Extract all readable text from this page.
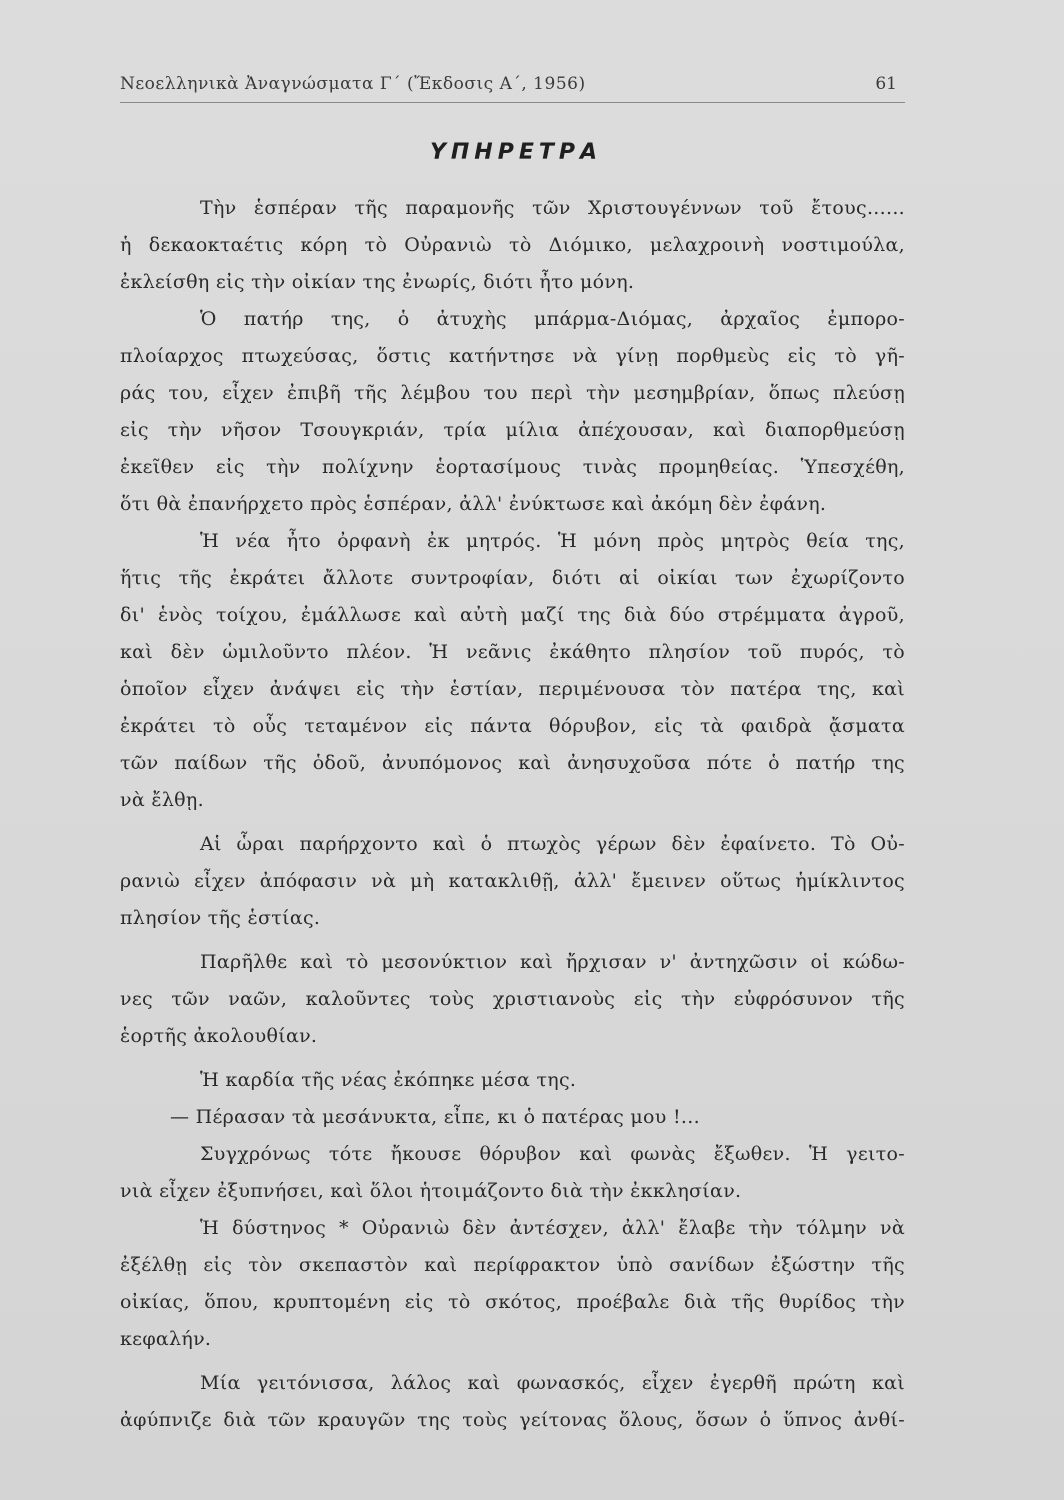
Νεοελληνικὰ Ἀναγνώσματα Γ΄ (Ἔκδοσις Α΄, 1956)	61
ΥΠΗΡΕΤΡΑ
Τὴν ἑσπέραν τῆς παραμονῆς τῶν Χριστουγέννων τοῦ ἔτους......
ἡ δεκαοκταέτις κόρη τὸ Οὐρανιὼ τὸ Διόμικο, μελαχροινὴ νοστιμούλα,
ἐκλείσθη εἰς τὴν οἰκίαν της ἐνωρίς, διότι ἦτο μόνη.
Ὁ πατήρ της, ὁ ἀτυχὴς μπάρμα-Διόμας, ἀρχαῖος ἐμπορο-
πλοίαρχος πτωχεύσας, ὅστις κατήντησε νὰ γίνῃ πορθμεὺς εἰς τὸ γῆ-
ράς του, εἶχεν ἐπιβῆ τῆς λέμβου του περὶ τὴν μεσημβρίαν, ὅπως πλεύσῃ
εἰς τὴν νῆσον Τσουγκριάν, τρία μίλια ἀπέχουσαν, καὶ διαπορθμεύσῃ
ἐκεῖθεν εἰς τὴν πολίχνην ἑορτασίμους τινὰς προμηθείας. Ὑπεσχέθη,
ὅτι θὰ ἐπανήρχετο πρὸς ἑσπέραν, ἀλλ' ἐνύκτωσε καὶ ἀκόμη δὲν ἐφάνη.
Ἡ νέα ἦτο ὀρφανὴ ἐκ μητρός. Ἡ μόνη πρὸς μητρὸς θεία της,
ἥτις τῆς ἐκράτει ἄλλοτε συντροφίαν, διότι αἱ οἰκίαι των ἐχωρίζοντο
δι' ἑνὸς τοίχου, ἐμάλλωσε καὶ αὐτὴ μαζί της διὰ δύο στρέμματα ἀγροῦ,
καὶ δὲν ὡμιλοῦντο πλέον. Ἡ νεᾶνις ἐκάθητο πλησίον τοῦ πυρός, τὸ
ὁποῖον εἶχεν ἀνάψει εἰς τὴν ἑστίαν, περιμένουσα τὸν πατέρα της, καὶ
ἐκράτει τὸ οὖς τεταμένον εἰς πάντα θόρυβον, εἰς τὰ φαιδρὰ ᾄσματα
τῶν παίδων τῆς ὁδοῦ, ἀνυπόμονος καὶ ἀνησυχοῦσα πότε ὁ πατήρ της
νὰ ἔλθῃ.
Αἱ ὧραι παρήρχοντο καὶ ὁ πτωχὸς γέρων δὲν ἐφαίνετο. Τὸ Οὐ-
ρανιὼ εἶχεν ἀπόφασιν νὰ μὴ κατακλιθῇ, ἀλλ' ἔμεινεν οὕτως ἡμίκλιντος
πλησίον τῆς ἑστίας.
Παρῆλθε καὶ τὸ μεσονύκτιον καὶ ἤρχισαν ν' ἀντηχῶσιν οἱ κώδω-
νες τῶν ναῶν, καλοῦντες τοὺς χριστιανοὺς εἰς τὴν εὐφρόσυνον τῆς
ἑορτῆς ἀκολουθίαν.
Ἡ καρδία τῆς νέας ἐκόπηκε μέσα της.
— Πέρασαν τὰ μεσάνυκτα, εἶπε, κι ὁ πατέρας μου !...
Συγχρόνως τότε ἤκουσε θόρυβον καὶ φωνὰς ἔξωθεν. Ἡ γειτο-
νιὰ εἶχεν ἐξυπνήσει, καὶ ὅλοι ἡτοιμάζοντο διὰ τὴν ἐκκλησίαν.
Ἡ δύστηνος * Οὐρανιὼ δὲν ἀντέσχεν, ἀλλ' ἔλαβε τὴν τόλμην νὰ
ἐξέλθῃ εἰς τὸν σκεπαστὸν καὶ περίφρακτον ὑπὸ σανίδων ἐξώστην τῆς
οἰκίας, ὅπου, κρυπτομένη εἰς τὸ σκότος, προέβαλε διὰ τῆς θυρίδος τὴν
κεφαλήν.
Μία γειτόνισσα, λάλος καὶ φωνασκός, εἶχεν ἐγερθῆ πρώτη καὶ
ἀφύπνιζε διὰ τῶν κραυγῶν της τοὺς γείτονας ὅλους, ὅσων ὁ ὕπνος ἀνθί-
